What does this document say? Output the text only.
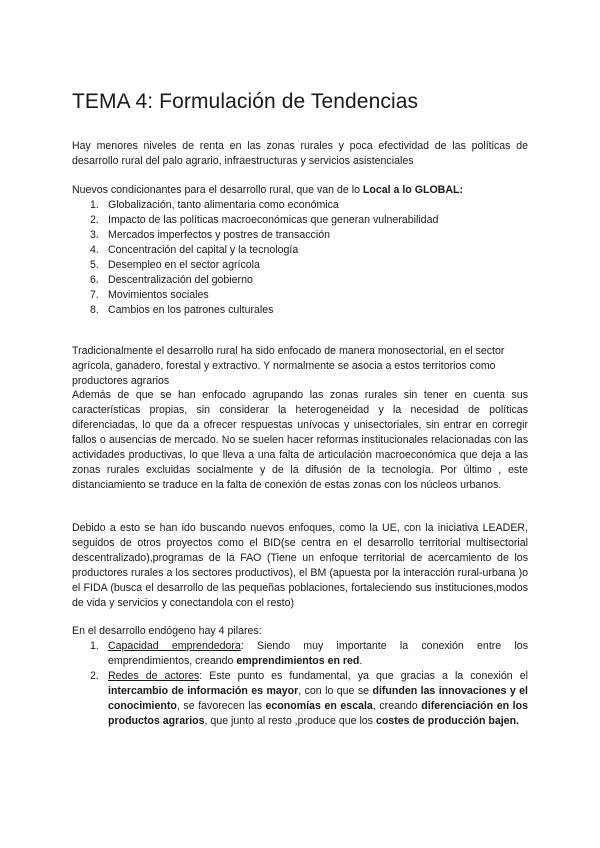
TEMA 4: Formulación de Tendencias

Hay menores niveles de renta en las zonas rurales y poca efectividad de las políticas de desarrollo rural del palo agrario, infraestructuras y servicios asistenciales

Nuevos condicionantes para el desarrollo rural, que van de lo Local a lo GLOBAL:

1. Globalización, tanto alimentaria como económica
2. Impacto de las políticas macroeconómicas que generan vulnerabilidad
3. Mercados imperfectos y postres de transacción
4. Concentración del capital y la tecnología
5. Desempleo en el sector agrícola
6. Descentralización del gobierno
7. Movimientos sociales
8. Cambios en los patrones culturales

Tradicionalmente el desarrollo rural ha sido enfocado de manera monosectorial, en el sector agrícola, ganadero, forestal y extractivo. Y normalmente se asocia a estos territorios como productores agrarios

Además de que se han enfocado agrupando las zonas rurales sin tener en cuenta sus características propias, sin considerar la heterogeneidad y la necesidad de políticas diferenciadas, lo que da a ofrecer respuestas unívocas y unisectoriales, sin entrar en corregir fallos o ausencias de mercado. No se suelen hacer reformas institucionales relacionadas con las actividades productivas, lo que lleva a una falta de articulación macroeconómica que deja a las zonas rurales excluidas socialmente y de la difusión de la tecnología. Por último , este distanciamiento se traduce en la falta de conexión de estas zonas con los núcleos urbanos.

Debido a esto se han ido buscando nuevos enfoques, como la UE, con la iniciativa LEADER, seguidos de otros proyectos como el BID(se centra en el desarrollo territorial multisectorial descentralizado),programas de la FAO (Tiene un enfoque territorial de acercamiento de los productores rurales a los sectores productivos), el BM (apuesta por la interacción rural-urbana )o el FIDA (busca el desarrollo de las pequeñas poblaciones, fortaleciendo sus instituciones,modos de vida y servicios y conectandola con el resto)

En el desarrollo endógeno hay 4 pilares:

1. Capacidad emprendedora: Siendo muy importante la conexión entre los emprendimientos, creando emprendimientos en red.
2. Redes de actores: Este punto es fundamental, ya que gracias a la conexión el intercambio de información es mayor, con lo que se difunden las innovaciones y el conocimiento, se favorecen las economías en escala, creando diferenciación en los productos agrarios, que junto al resto ,produce que los costes de producción bajen.
